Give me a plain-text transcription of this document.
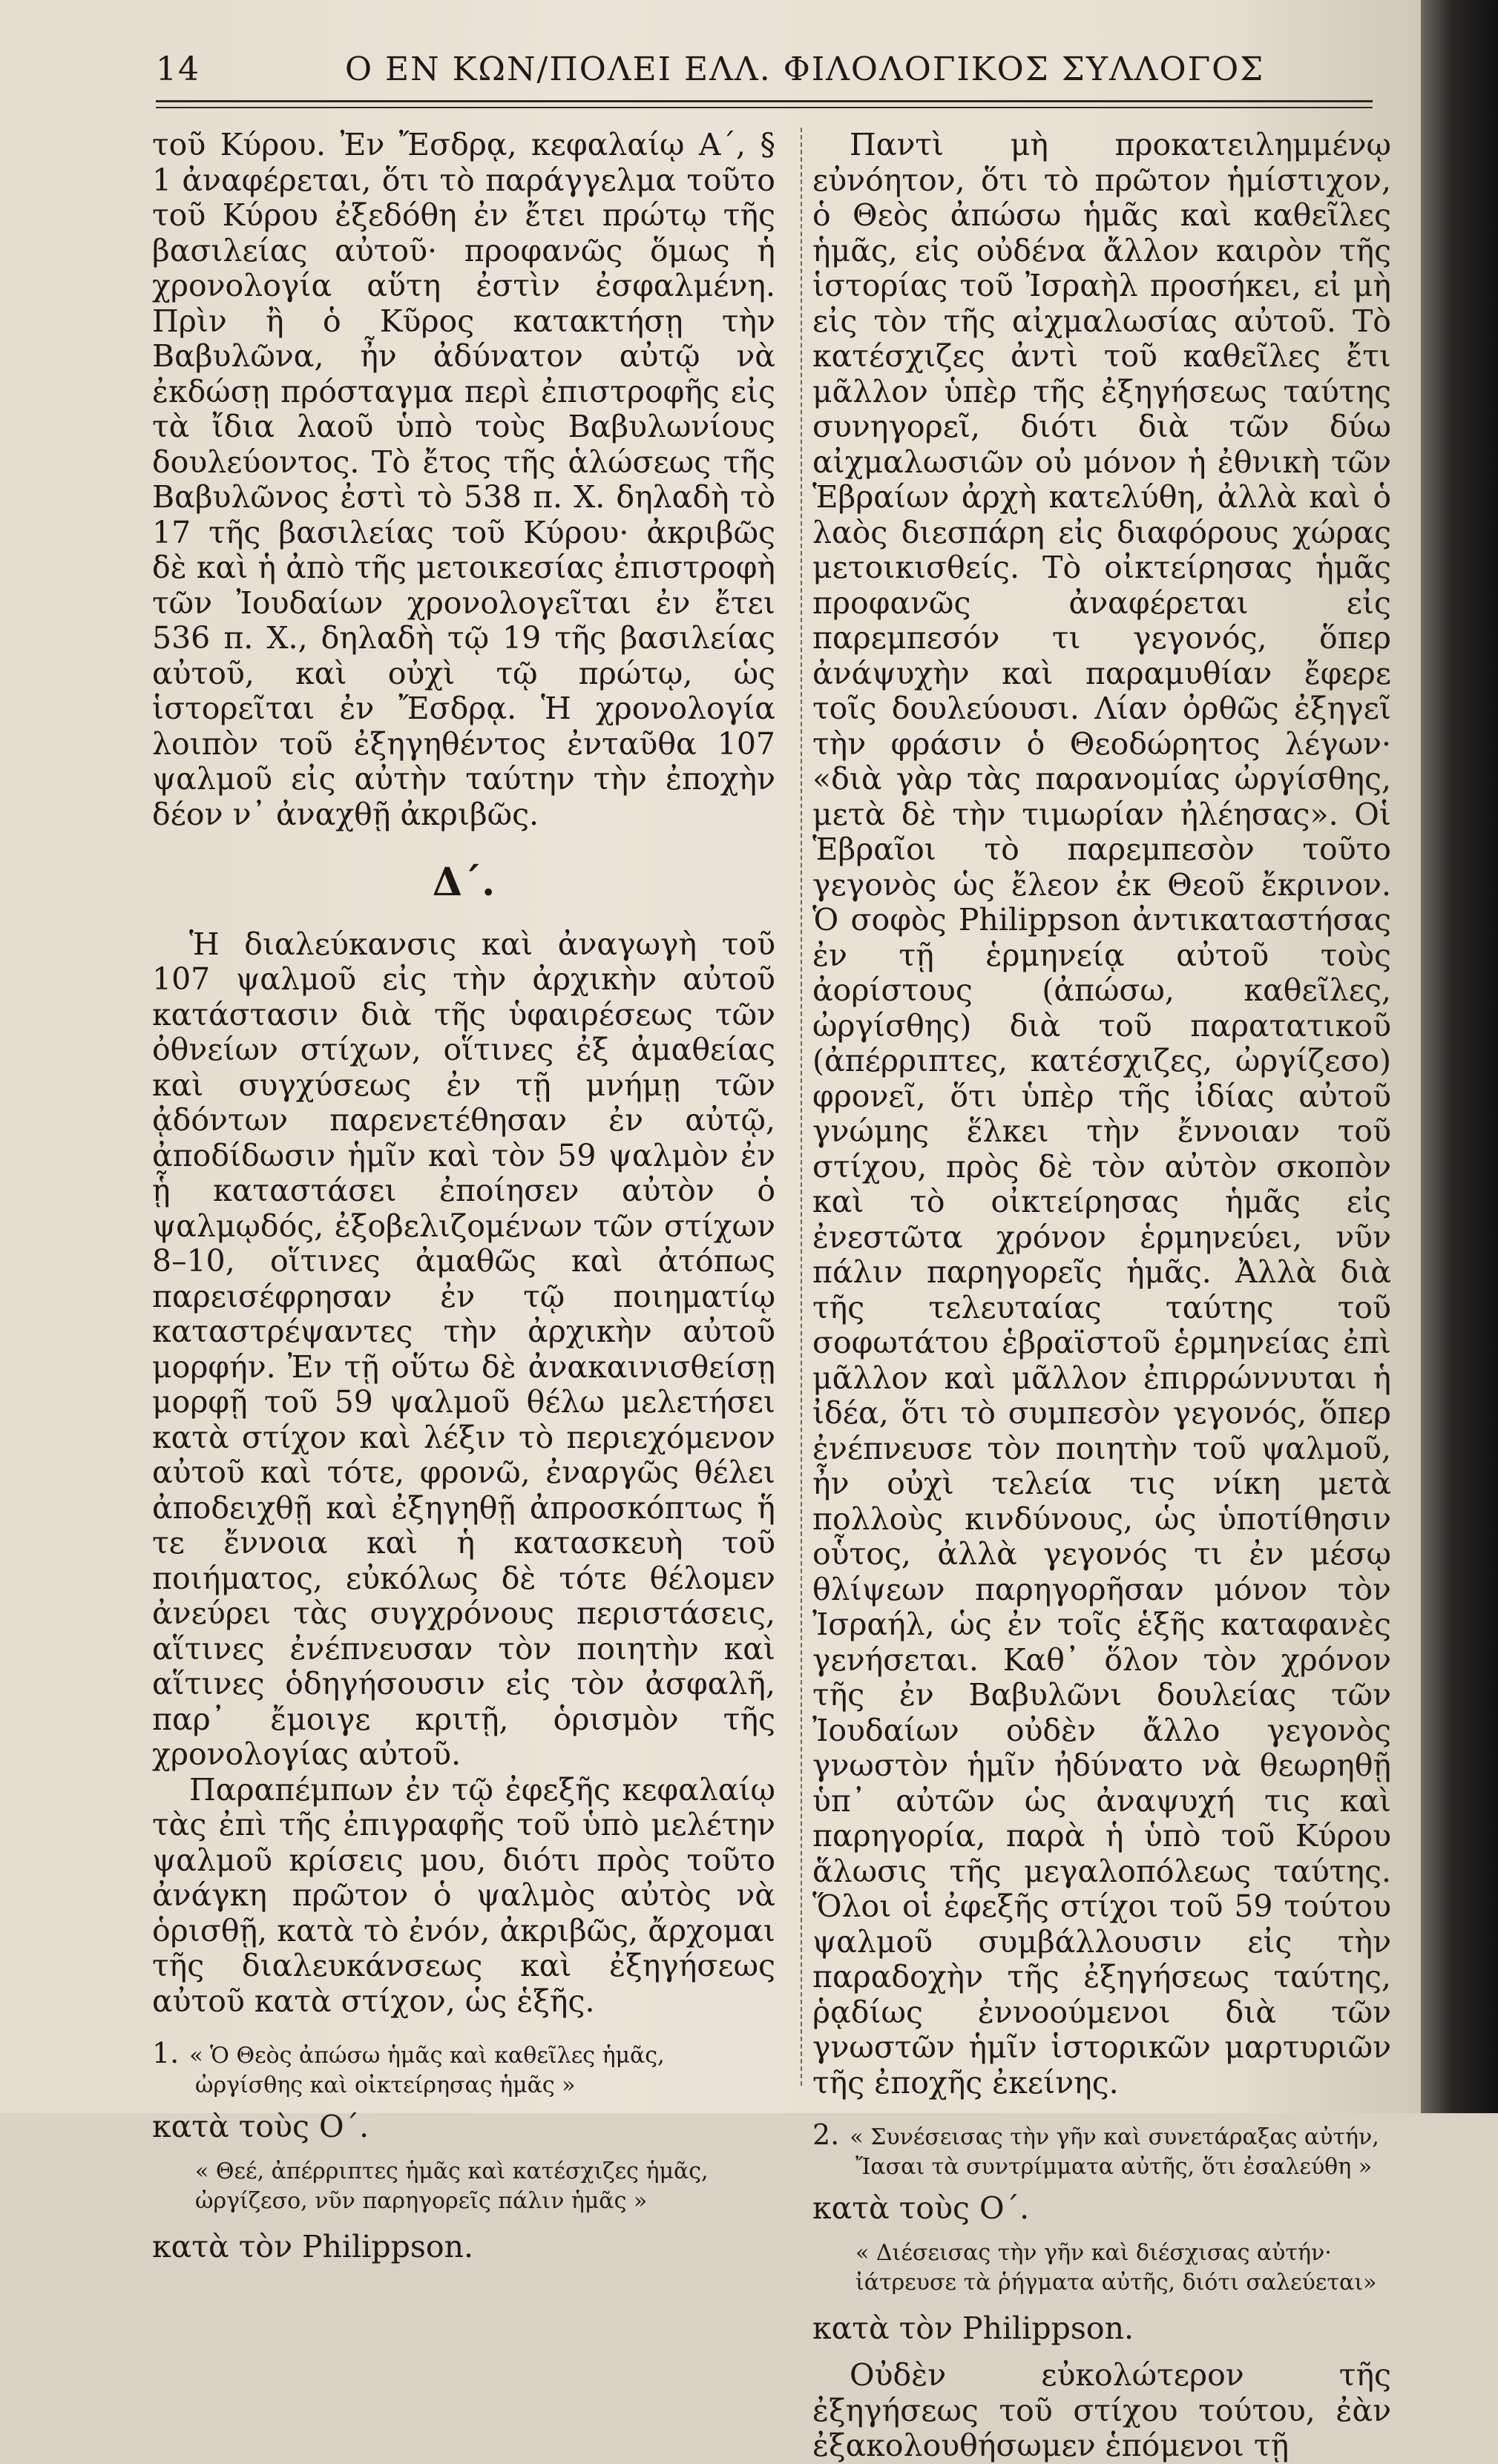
14	Ο ΕΝ ΚΩΝ/ΠΟΛΕΙ ΕΛΛ. ΦΙΛΟΛΟΓΙΚΟΣ ΣΥΛΛΟΓΟΣ

τοῦ Κύρου. Ἐν Ἔσδρᾳ, κεφαλαίῳ Α΄, § 1 ἀναφέρεται, ὅτι τὸ παράγγελμα τοῦτο τοῦ Κύρου ἐξεδόθη ἐν ἔτει πρώτῳ τῆς βασιλείας αὐτοῦ· προφανῶς ὅμως ἡ χρονολογία αὕτη ἐστὶν ἐσφαλμένη. Πρὶν ἢ ὁ Κῦρος κατακτήσῃ τὴν Βαβυλῶνα, ἦν ἀδύνατον αὐτῷ νὰ ἐκδώσῃ πρόσταγμα περὶ ἐπιστροφῆς εἰς τὰ ἴδια λαοῦ ὑπὸ τοὺς Βαβυλωνίους δουλεύοντος. Τὸ ἔτος τῆς ἁλώσεως τῆς Βαβυλῶνος ἐστὶ τὸ 538 π. Χ. δηλαδὴ τὸ 17 τῆς βασιλείας τοῦ Κύρου· ἀκριβῶς δὲ καὶ ἡ ἀπὸ τῆς μετοικεσίας ἐπιστροφὴ τῶν Ἰουδαίων χρονολογεῖται ἐν ἔτει 536 π. Χ., δηλαδὴ τῷ 19 τῆς βασιλείας αὐτοῦ, καὶ οὐχὶ τῷ πρώτῳ, ὡς ἱστορεῖται ἐν Ἔσδρᾳ. Ἡ χρονολογία λοιπὸν τοῦ ἐξηγηθέντος ἐνταῦθα 107 ψαλμοῦ εἰς αὐτὴν ταύτην τὴν ἐποχὴν δέον ν᾽ ἀναχθῇ ἀκριβῶς.

Δ΄.

Ἡ διαλεύκανσις καὶ ἀναγωγὴ τοῦ 107 ψαλμοῦ εἰς τὴν ἀρχικὴν αὐτοῦ κατάστασιν διὰ τῆς ὑφαιρέσεως τῶν ὀθνείων στίχων, οἵτινες ἐξ ἀμαθείας καὶ συγχύσεως ἐν τῇ μνήμῃ τῶν ᾀδόντων παρενετέθησαν ἐν αὐτῷ, ἀποδίδωσιν ἡμῖν καὶ τὸν 59 ψαλμὸν ἐν ᾗ καταστάσει ἐποίησεν αὐτὸν ὁ ψαλμῳδός, ἐξοβελιζομένων τῶν στίχων 8–10, οἵτινες ἀμαθῶς καὶ ἀτόπως παρεισέφρησαν ἐν τῷ ποιηματίῳ καταστρέψαντες τὴν ἀρχικὴν αὐτοῦ μορφήν. Ἐν τῇ οὕτω δὲ ἀνακαινισθείσῃ μορφῇ τοῦ 59 ψαλμοῦ θέλω μελετήσει κατὰ στίχον καὶ λέξιν τὸ περιεχόμενον αὐτοῦ καὶ τότε, φρονῶ, ἐναργῶς θέλει ἀποδειχθῇ καὶ ἐξηγηθῇ ἀπροσκόπτως ἥ τε ἔννοια καὶ ἡ κατασκευὴ τοῦ ποιήματος, εὐκόλως δὲ τότε θέλομεν ἀνεύρει τὰς συγχρόνους περιστάσεις, αἵτινες ἐνέπνευσαν τὸν ποιητὴν καὶ αἵτινες ὁδηγήσουσιν εἰς τὸν ἀσφαλῆ, παρ᾽ ἔμοιγε κριτῇ, ὁρισμὸν τῆς χρονολογίας αὐτοῦ.

Παραπέμπων ἐν τῷ ἐφεξῆς κεφαλαίῳ τὰς ἐπὶ τῆς ἐπιγραφῆς τοῦ ὑπὸ μελέτην ψαλμοῦ κρίσεις μου, διότι πρὸς τοῦτο ἀνάγκη πρῶτον ὁ ψαλμὸς αὐτὸς νὰ ὁρισθῇ, κατὰ τὸ ἐνόν, ἀκριβῶς, ἄρχομαι τῆς διαλευκάνσεως καὶ ἐξηγήσεως αὐτοῦ κατὰ στίχον, ὡς ἑξῆς.

1. « Ὁ Θεὸς ἀπώσω ἡμᾶς καὶ καθεῖλες ἡμᾶς,
ὠργίσθης καὶ οἰκτείρησας ἡμᾶς »
κατὰ τοὺς Ο΄.
« Θεέ, ἀπέρριπτες ἡμᾶς καὶ κατέσχιζες ἡμᾶς,
ὠργίζεσο, νῦν παρηγορεῖς πάλιν ἡμᾶς »
κατὰ τὸν Philippson.

Παντὶ μὴ προκατειλημμένῳ εὐνόητον, ὅτι τὸ πρῶτον ἡμίστιχον, ὁ Θεὸς ἀπώσω ἡμᾶς καὶ καθεῖλες ἡμᾶς, εἰς οὐδένα ἄλλον καιρὸν τῆς ἱστορίας τοῦ Ἰσραὴλ προσήκει, εἰ μὴ εἰς τὸν τῆς αἰχμαλωσίας αὐτοῦ. Τὸ κατέσχιζες ἀντὶ τοῦ καθεῖλες ἔτι μᾶλλον ὑπὲρ τῆς ἐξηγήσεως ταύτης συνηγορεῖ, διότι διὰ τῶν δύω αἰχμαλωσιῶν οὐ μόνον ἡ ἐθνικὴ τῶν Ἑβραίων ἀρχὴ κατελύθη, ἀλλὰ καὶ ὁ λαὸς διεσπάρη εἰς διαφόρους χώρας μετοικισθείς. Τὸ οἰκτείρησας ἡμᾶς προφανῶς ἀναφέρεται εἰς παρεμπεσόν τι γεγονός, ὅπερ ἀνάψυχὴν καὶ παραμυθίαν ἔφερε τοῖς δουλεύουσι. Λίαν ὀρθῶς ἐξηγεῖ τὴν φράσιν ὁ Θεοδώρητος λέγων· «διὰ γὰρ τὰς παρανομίας ὠργίσθης, μετὰ δὲ τὴν τιμωρίαν ἠλέησας». Οἱ Ἑβραῖοι τὸ παρεμπεσὸν τοῦτο γεγονὸς ὡς ἔλεον ἐκ Θεοῦ ἔκρινον. Ὁ σοφὸς Philippson ἀντικαταστήσας ἐν τῇ ἑρμηνείᾳ αὐτοῦ τοὺς ἀορίστους (ἀπώσω, καθεῖλες, ὠργίσθης) διὰ τοῦ παρατατικοῦ (ἀπέρριπτες, κατέσχιζες, ὠργίζεσο) φρονεῖ, ὅτι ὑπὲρ τῆς ἰδίας αὐτοῦ γνώμης ἕλκει τὴν ἔννοιαν τοῦ στίχου, πρὸς δὲ τὸν αὐτὸν σκοπὸν καὶ τὸ οἰκτείρησας ἡμᾶς εἰς ἐνεστῶτα χρόνον ἑρμηνεύει, νῦν πάλιν παρηγορεῖς ἡμᾶς. Ἀλλὰ διὰ τῆς τελευταίας ταύτης τοῦ σοφωτάτου ἑβραϊστοῦ ἑρμηνείας ἐπὶ μᾶλλον καὶ μᾶλλον ἐπιρρώννυται ἡ ἰδέα, ὅτι τὸ συμπεσὸν γεγονός, ὅπερ ἐνέπνευσε τὸν ποιητὴν τοῦ ψαλμοῦ, ἦν οὐχὶ τελεία τις νίκη μετὰ πολλοὺς κινδύνους, ὡς ὑποτίθησιν οὗτος, ἀλλὰ γεγονός τι ἐν μέσῳ θλίψεων παρηγορῆσαν μόνον τὸν Ἰσραήλ, ὡς ἐν τοῖς ἑξῆς καταφανὲς γενήσεται. Καθ᾽ ὅλον τὸν χρόνον τῆς ἐν Βαβυλῶνι δουλείας τῶν Ἰουδαίων οὐδὲν ἄλλο γεγονὸς γνωστὸν ἡμῖν ἠδύνατο νὰ θεωρηθῇ ὑπ᾽ αὐτῶν ὡς ἀναψυχή τις καὶ παρηγορία, παρὰ ἡ ὑπὸ τοῦ Κύρου ἅλωσις τῆς μεγαλοπόλεως ταύτης. Ὅλοι οἱ ἐφεξῆς στίχοι τοῦ 59 τούτου ψαλμοῦ συμβάλλουσιν εἰς τὴν παραδοχὴν τῆς ἐξηγήσεως ταύτης, ῥᾳδίως ἐννοούμενοι διὰ τῶν γνωστῶν ἡμῖν ἱστορικῶν μαρτυριῶν τῆς ἐποχῆς ἐκείνης.

2. « Συνέσεισας τὴν γῆν καὶ συνετάραξας αὐτήν,
Ἴασαι τὰ συντρίμματα αὐτῆς, ὅτι ἐσαλεύθη »
κατὰ τοὺς Ο΄.
« Διέσεισας τὴν γῆν καὶ διέσχισας αὐτήν·
ἰάτρευσε τὰ ῥήγματα αὐτῆς, διότι σαλεύεται»
κατὰ τὸν Philippson.

Οὐδὲν εὐκολώτερον τῆς ἐξηγήσεως τοῦ στίχου τούτου, ἐὰν ἐξακολουθήσωμεν ἑπόμενοι τῇ
